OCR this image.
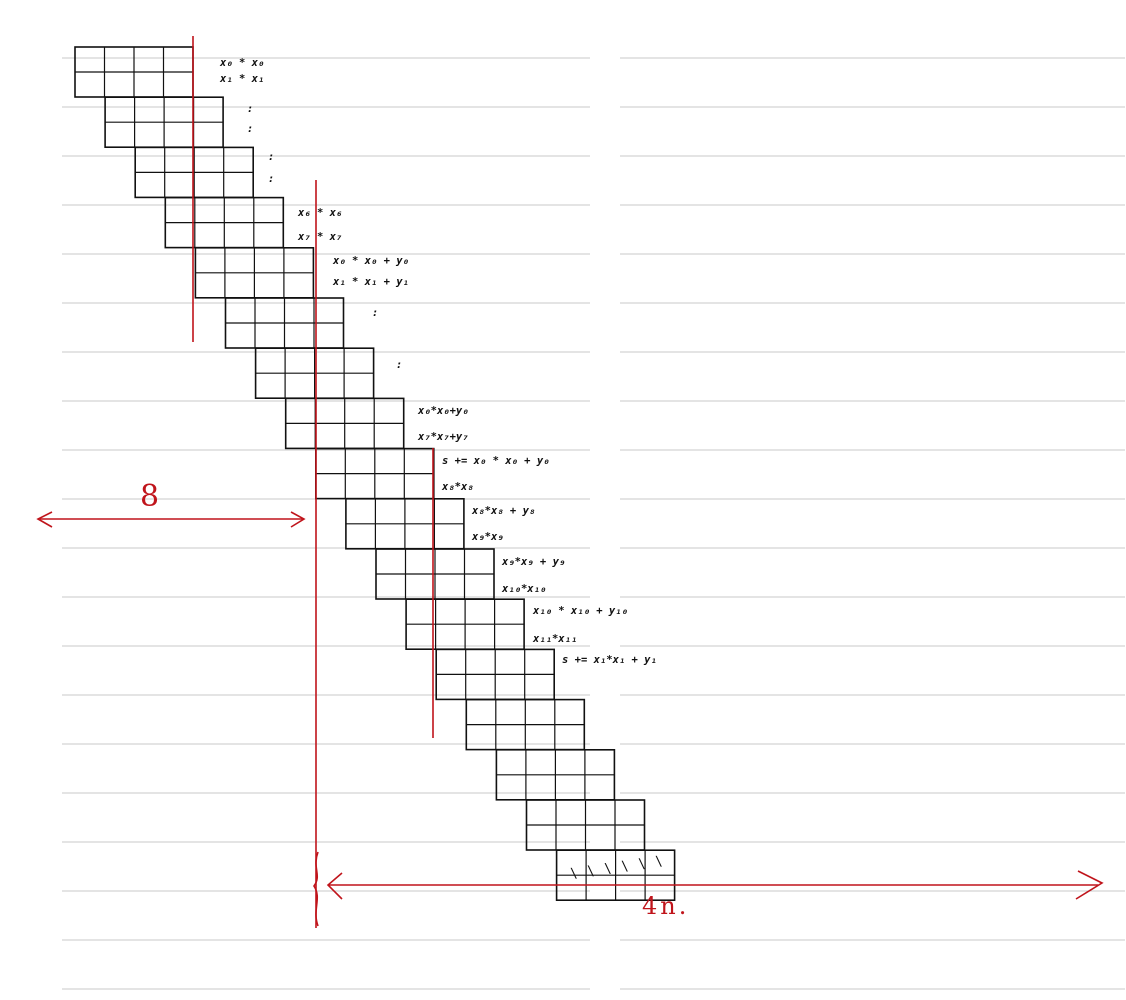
8
4n.
\ \ \ \ \ \
:
:
:
:
:
:
x₀ * x₀
x₁ * x₁
x₆ * x₆
x₇ * x₇
x₀ * x₀ + y₀
x₁ * x₁ + y₁
x₀*x₀+y₀
x₇*x₇+y₇
s += x₀ * x₀ + y₀
x₈*x₈
x₈*x₈ + y₈
x₉*x₉
x₉*x₉ + y₉
x₁₀*x₁₀
x₁₀ * x₁₀ + y₁₀
x₁₁*x₁₁
s += x₁*x₁ + y₁
